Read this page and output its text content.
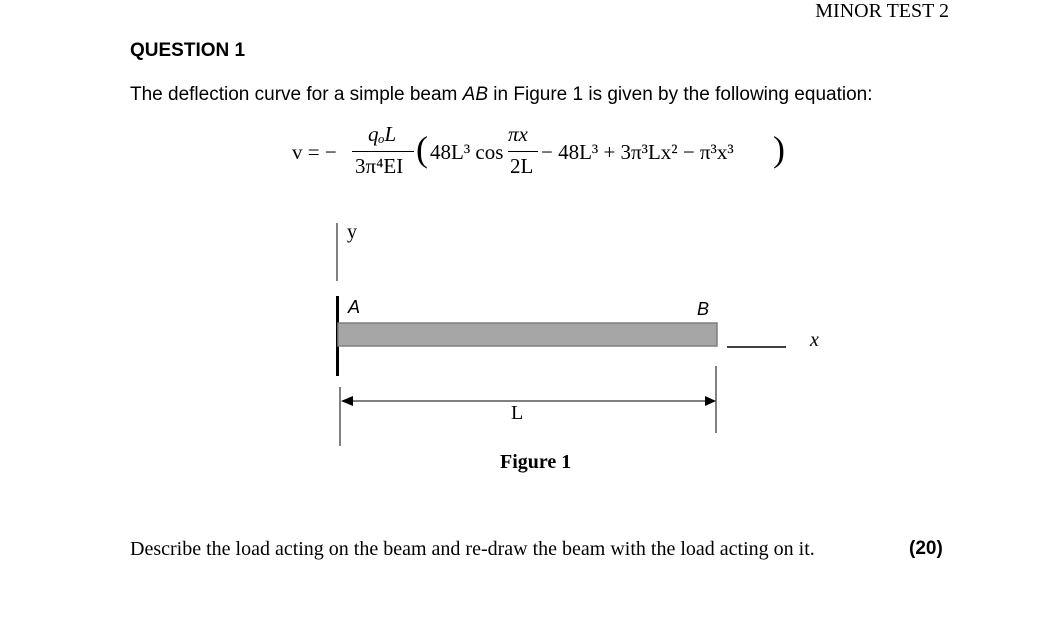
MINOR TEST 2
QUESTION 1
The deflection curve for a simple beam AB in Figure 1 is given by the following equation:
v = −
qₒL
3π⁴EI ( 48L³ cos
πx
2L
− 48L³ + 3π³Lx² − π³x³ )
y
A	B
x
L
Figure 1
Describe the load acting on the beam and re-draw the beam with the load acting on it.	(20)
